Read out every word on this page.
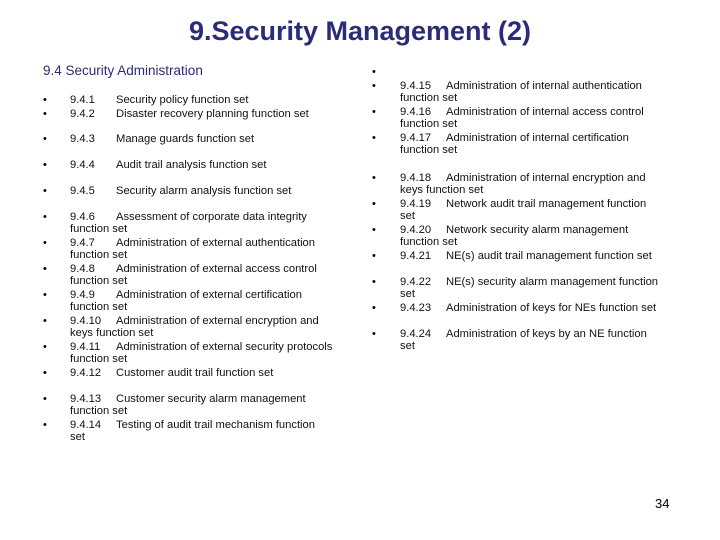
9.Security Management (2)
9.4 Security Administration
• 9.4.1 Security policy function set
• 9.4.2 Disaster recovery planning function set
• 9.4.3 Manage guards function set
• 9.4.4 Audit trail analysis function set
• 9.4.5 Security alarm analysis function set
• 9.4.6 Assessment of corporate data integrity
function set
• 9.4.7 Administration of external authentication
function set
• 9.4.8 Administration of external access control
function set
• 9.4.9 Administration of external certification
function set
• 9.4.10 Administration of external encryption and
keys function set
• 9.4.11 Administration of external security protocols
function set
• 9.4.12 Customer audit trail function set
• 9.4.13 Customer security alarm management
function set
• 9.4.14 Testing of audit trail mechanism function
set
•
• 9.4.15 Administration of internal authentication
function set
• 9.4.16 Administration of internal access control
function set
• 9.4.17 Administration of internal certification
function set
• 9.4.18 Administration of internal encryption and
keys function set
• 9.4.19 Network audit trail management function
set
• 9.4.20 Network security alarm management
function set
• 9.4.21 NE(s) audit trail management function set
• 9.4.22 NE(s) security alarm management function
set
• 9.4.23 Administration of keys for NEs function set
• 9.4.24 Administration of keys by an NE function
set
34
